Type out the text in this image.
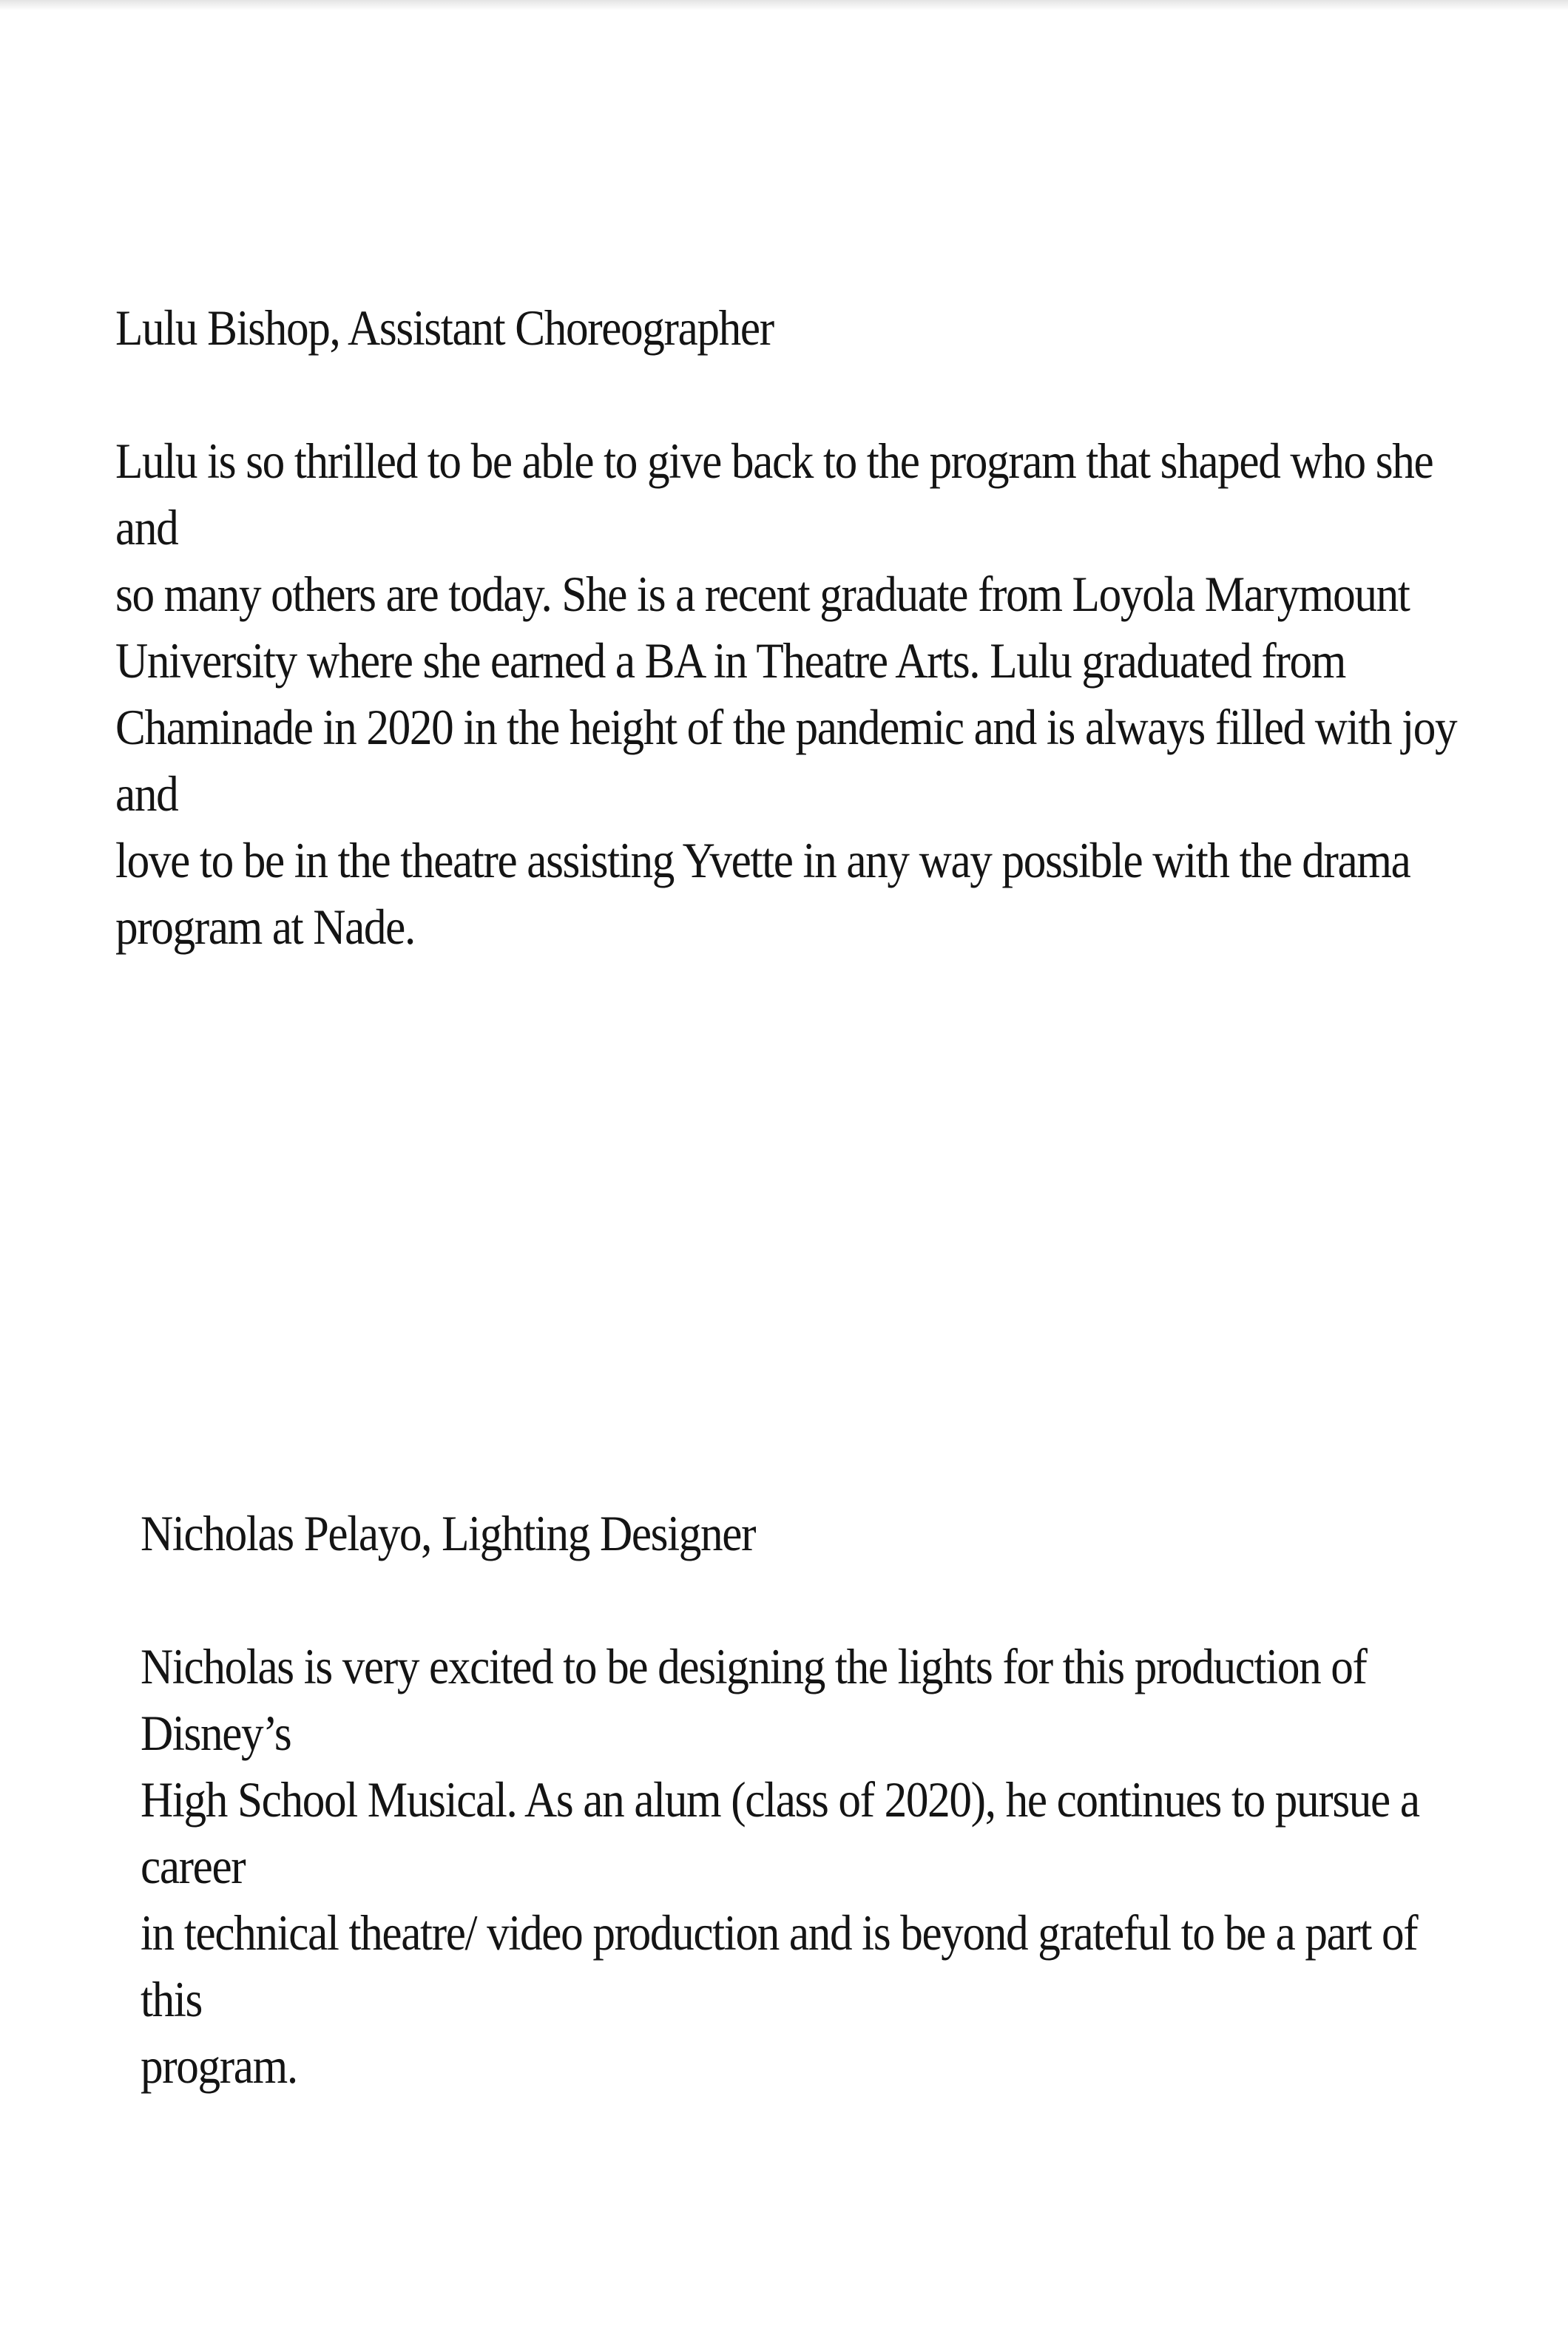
Lulu Bishop, Assistant Choreographer

Lulu is so thrilled to be able to give back to the program that shaped who she and
so many others are today. She is a recent graduate from Loyola Marymount
University where she earned a BA in Theatre Arts. Lulu graduated from
Chaminade in 2020 in the height of the pandemic and is always filled with joy and
love to be in the theatre assisting Yvette in any way possible with the drama
program at Nade.

Nicholas Pelayo, Lighting Designer

Nicholas is very excited to be designing the lights for this production of Disney’s
High School Musical. As an alum (class of 2020), he continues to pursue a career
in technical theatre/ video production and is beyond grateful to be a part of this
program.
